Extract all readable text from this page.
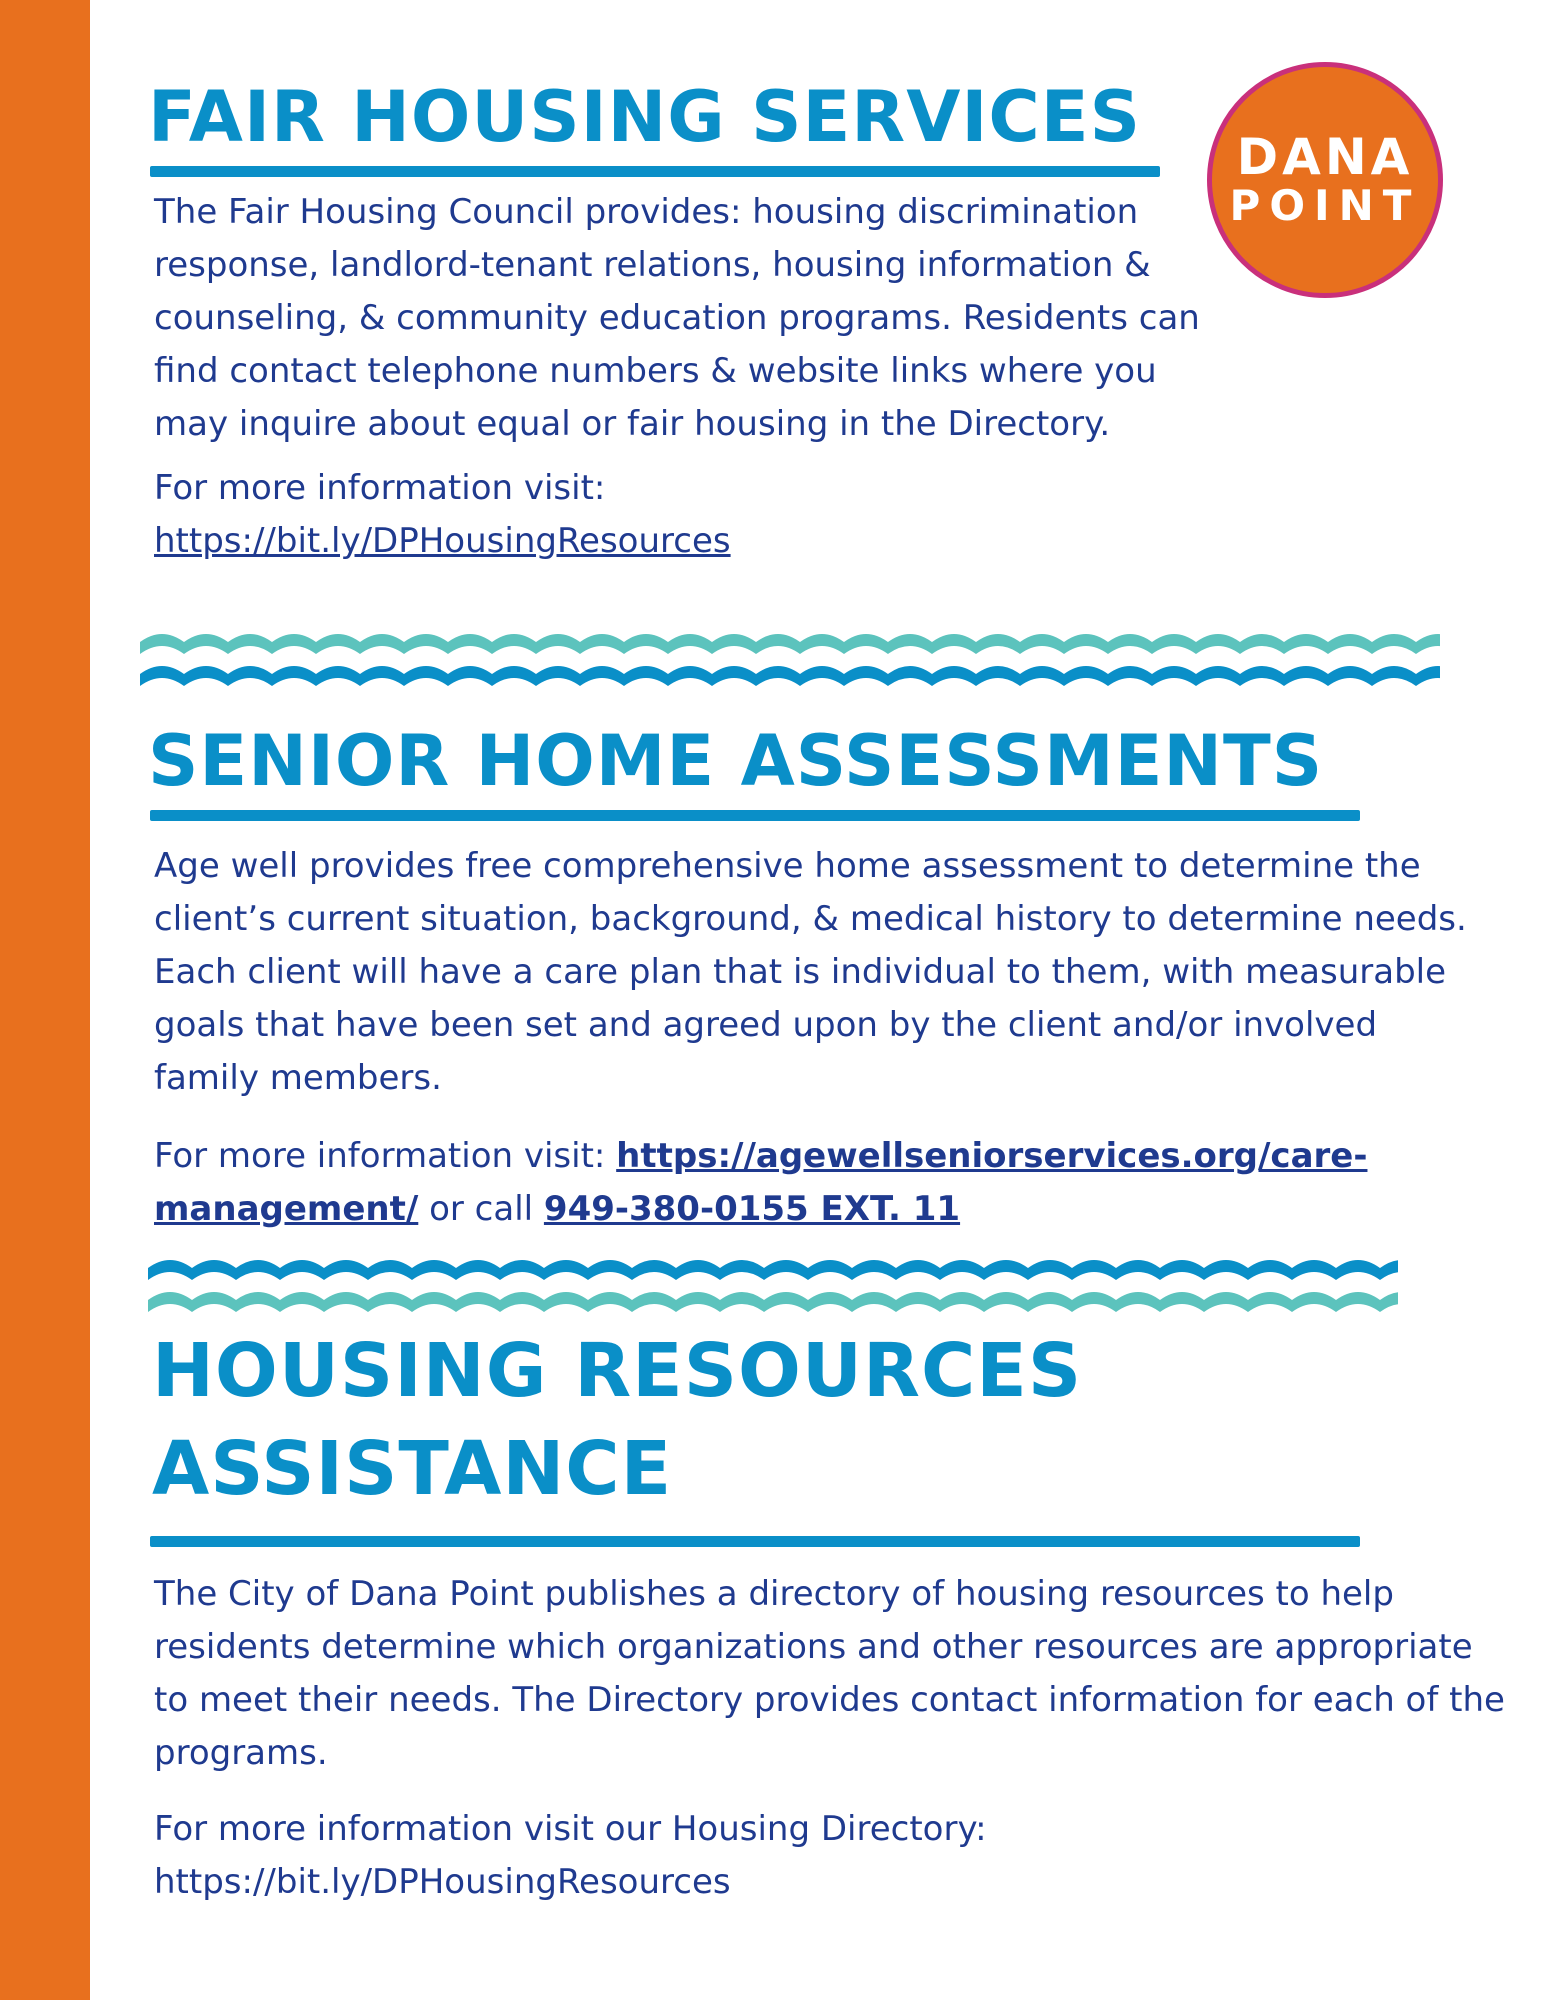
DANA
POINT
FAIR HOUSING SERVICES

The Fair Housing Council provides: housing discrimination response, landlord-tenant relations, housing information & counseling, & community education programs. Residents can find contact telephone numbers & website links where you may inquire about equal or fair housing in the Directory.

For more information visit:
https://bit.ly/DPHousingResources

SENIOR HOME ASSESSMENTS

Age well provides free comprehensive home assessment to determine the client’s current situation, background, & medical history to determine needs. Each client will have a care plan that is individual to them, with measurable goals that have been set and agreed upon by the client and/or involved family members.

For more information visit: https://agewellseniorservices.org/care-management/ or call 949-380-0155 EXT. 11

HOUSING RESOURCES
ASSISTANCE

The City of Dana Point publishes a directory of housing resources to help residents determine which organizations and other resources are appropriate to meet their needs. The Directory provides contact information for each of the programs.

For more information visit our Housing Directory:
https://bit.ly/DPHousingResources
